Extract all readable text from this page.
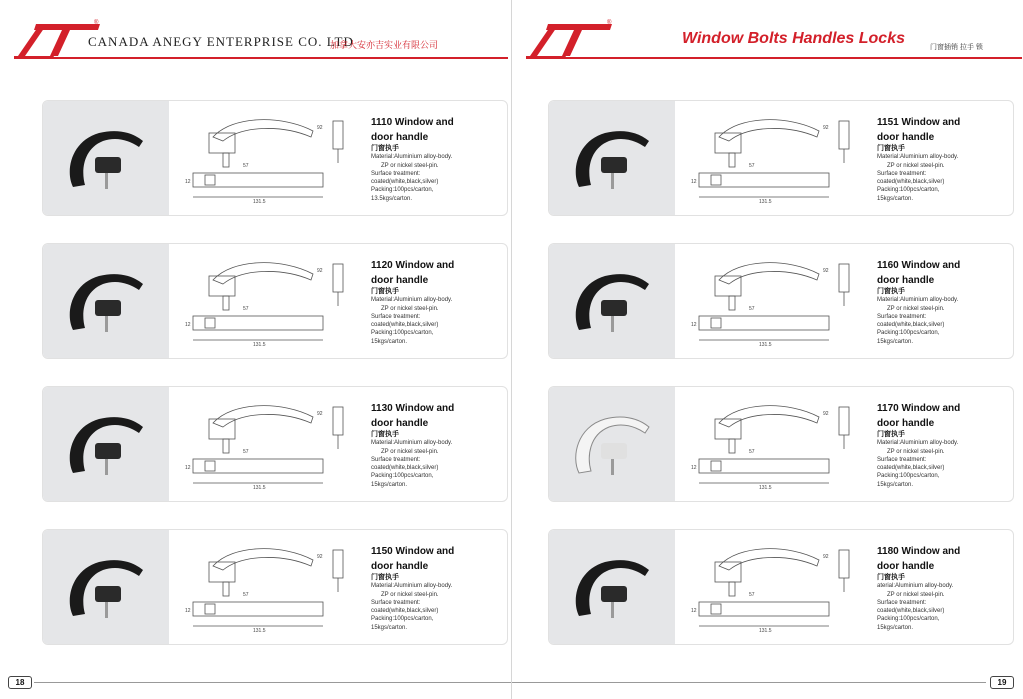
®
CANADA ANEGY ENTERPRISE CO. LTD
加拿大安亦吉实业有限公司
92
57
131.5
12
1110 Window and
door handle
门窗执手
Material:Aluminium alloy-body.
ZP or nickel steel-pin.
Surface treatment:
coated(white,black,silver)
Packing:100pcs/carton,
13.5kgs/carton.
92
57
131.5
12
1120 Window and
door handle
门窗执手
Material:Aluminium alloy-body.
ZP or nickel steel-pin.
Surface treatment:
coated(white,black,silver)
Packing:100pcs/carton,
15kgs/carton.
92
57
131.5
12
1130 Window and
door handle
门窗执手
Material:Aluminium alloy-body.
ZP or nickel steel-pin.
Surface treatment:
coated(white,black,silver)
Packing:100pcs/carton,
15kgs/carton.
92
57
131.5
12
1150 Window and
door handle
门窗执手
Material:Aluminium alloy-body.
ZP or nickel steel-pin.
Surface treatment:
coated(white,black,silver)
Packing:100pcs/carton,
15kgs/carton.
18
®
Window Bolts Handles Locks
门窗插销 拉手 锁
92
57
131.5
12
1151 Window and
door handle
门窗执手
Material:Aluminium alloy-body.
ZP or nickel steel-pin.
Surface treatment:
coated(white,black,silver)
Packing:100pcs/carton,
15kgs/carton.
92
57
131.5
12
1160 Window and
door handle
门窗执手
Material:Aluminium alloy-body.
ZP or nickel steel-pin.
Surface treatment:
coated(white,black,silver)
Packing:100pcs/carton,
15kgs/carton.
92
57
131.5
12
1170 Window and
door handle
门窗执手
Material:Aluminium alloy-body.
ZP or nickel steel-pin.
Surface treatment:
coated(white,black,silver)
Packing:100pcs/carton,
15kgs/carton.
92
57
131.5
12
1180 Window and
door handle
门窗执手
aterial:Aluminium alloy-body.
ZP or nickel steel-pin.
Surface treatment:
coated(white,black,silver)
Packing:100pcs/carton,
15kgs/carton.
19
